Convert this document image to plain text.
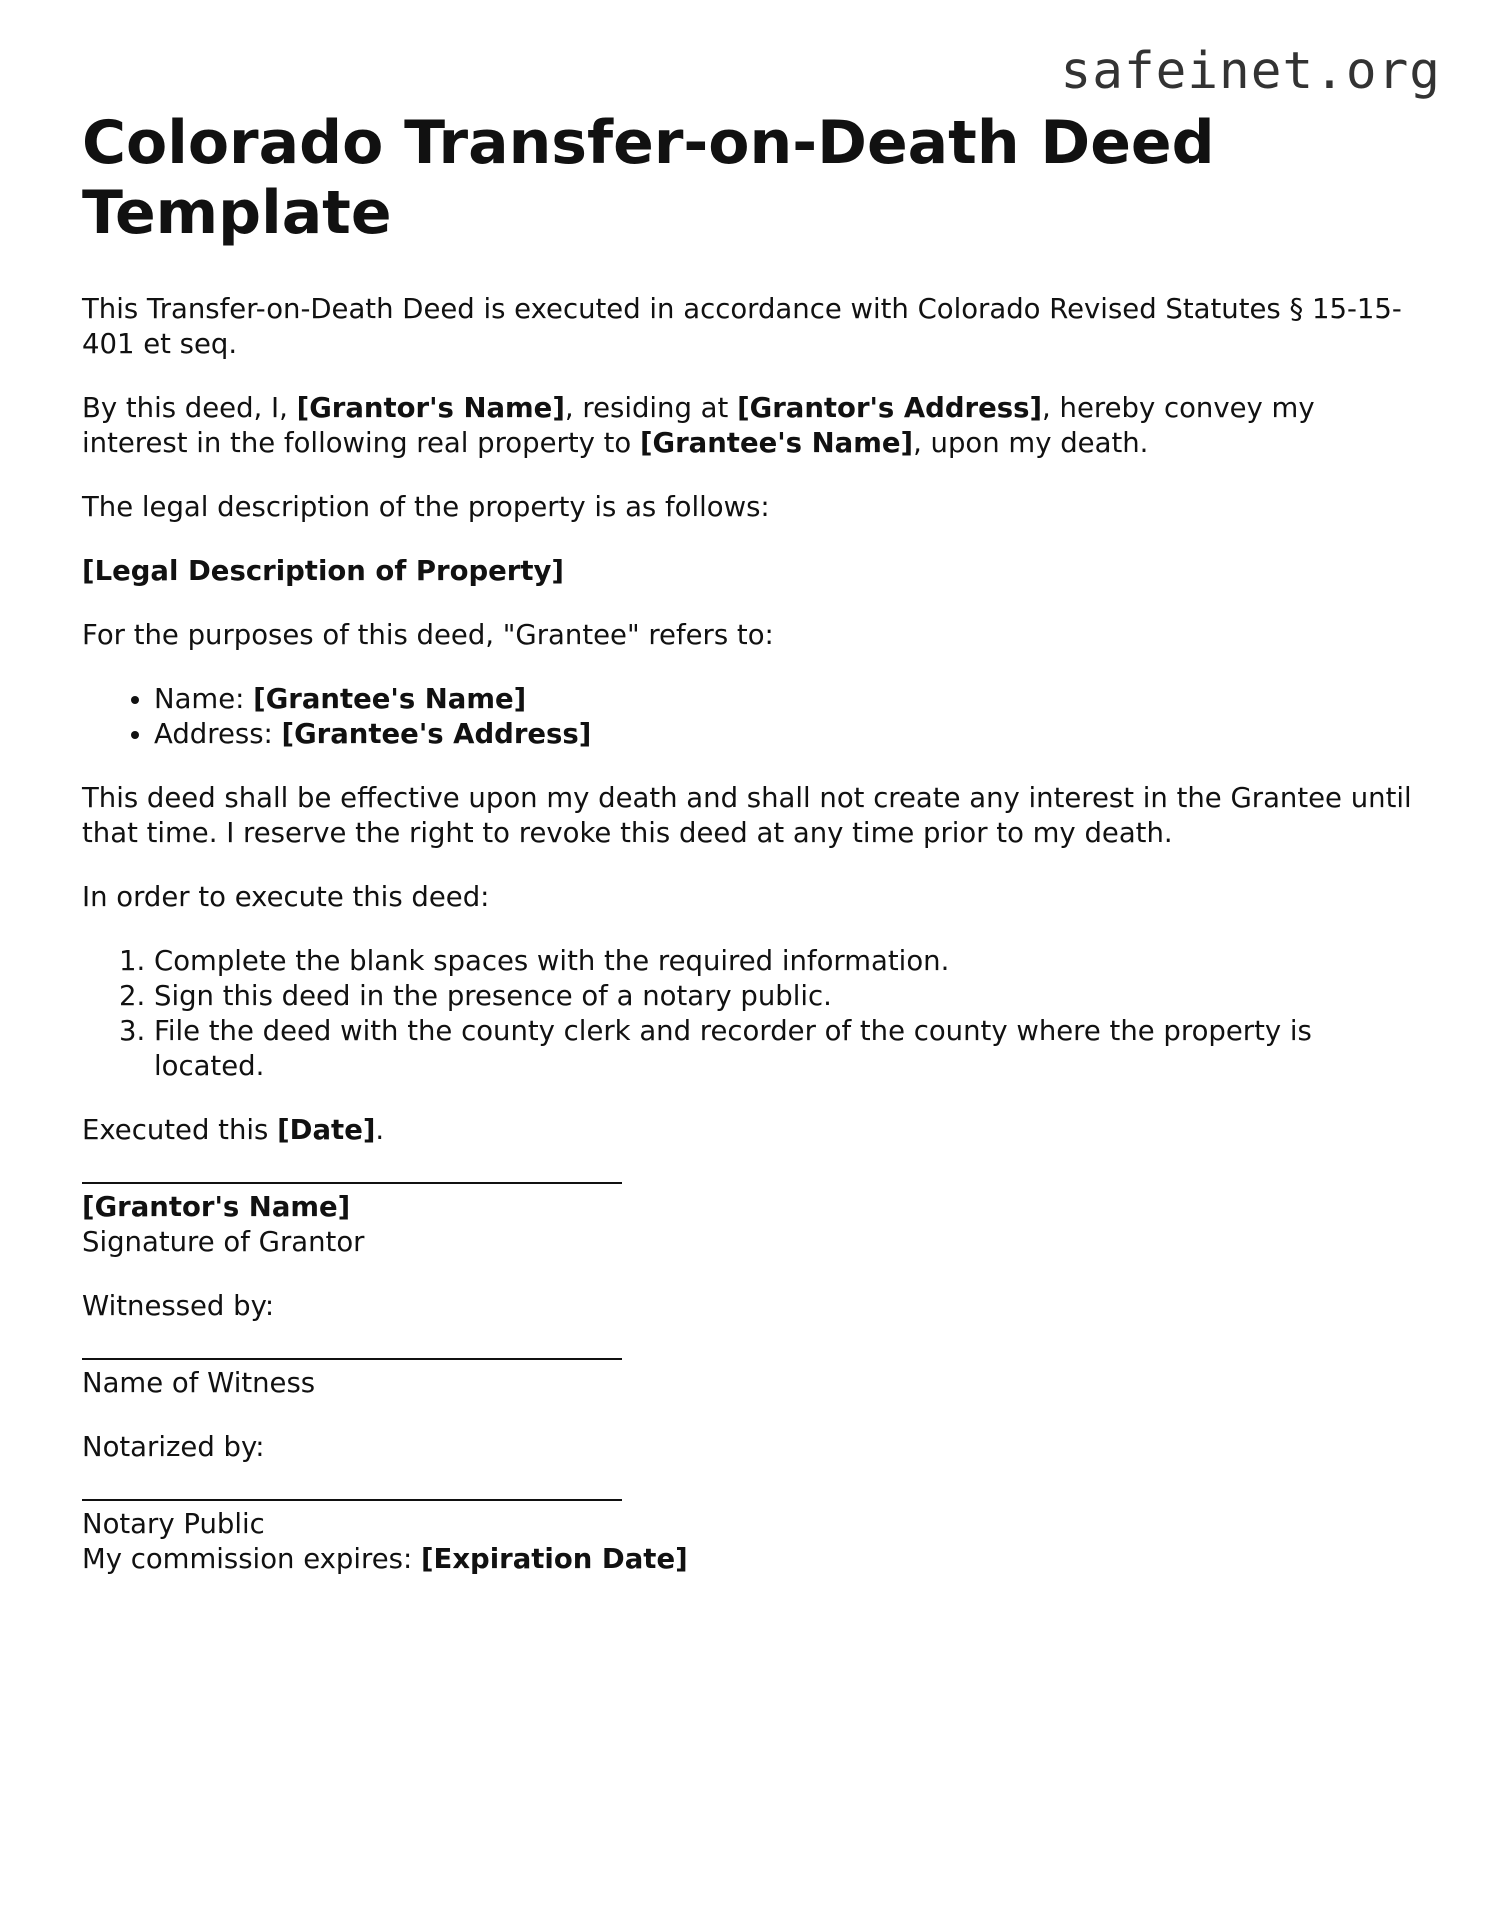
safeinet.org
Colorado Transfer-on-Death Deed Template

This Transfer-on-Death Deed is executed in accordance with Colorado Revised Statutes § 15-15-401 et seq.

By this deed, I, [Grantor's Name], residing at [Grantor's Address], hereby convey my interest in the following real property to [Grantee's Name], upon my death.

The legal description of the property is as follows:

[Legal Description of Property]

For the purposes of this deed, "Grantee" refers to:

• Name: [Grantee's Name]
• Address: [Grantee's Address]

This deed shall be effective upon my death and shall not create any interest in the Grantee until that time. I reserve the right to revoke this deed at any time prior to my death.

In order to execute this deed:

1. Complete the blank spaces with the required information.
2. Sign this deed in the presence of a notary public.
3. File the deed with the county clerk and recorder of the county where the property is located.

Executed this [Date].

[Grantor's Name]
Signature of Grantor

Witnessed by:

Name of Witness

Notarized by:

Notary Public
My commission expires: [Expiration Date]
